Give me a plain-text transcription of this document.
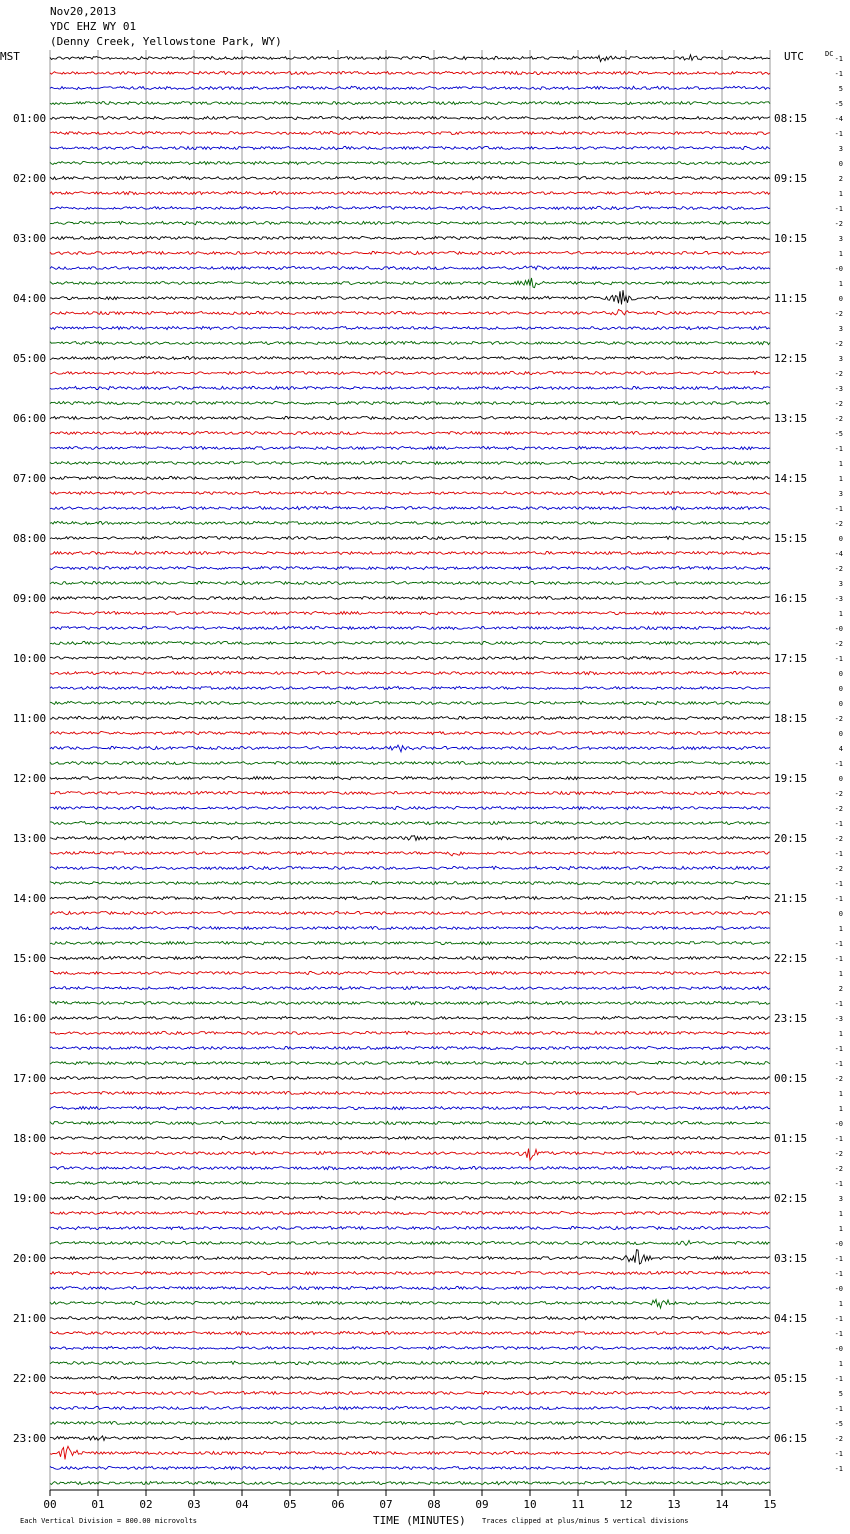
Nov20,2013
YDC EHZ WY 01
(Denny Creek, Yellowstone Park, WY)
-1
-1
5
-5
-4
-1
3
0
2
1
-1
-2
3
1
-0
1
0
-2
3
-2
3
-2
-3
-2
-2
-5
-1
1
1
3
-1
-2
0
-4
-2
3
-3
1
-0
-2
-1
0
0
0
-2
0
4
-1
0
-2
-2
-1
-2
-1
-2
-1
-1
0
1
-1
-1
1
2
-1
-3
1
-1
-1
-2
1
1
-0
-1
-2
-2
-1
3
1
1
-0
-1
-1
-0
1
-1
-1
-0
1
-1
5
-1
-5
-2
-1
-1
MST	UTC	DC
01:00	08:15
02:00	09:15
03:00	10:15
04:00	11:15
05:00	12:15
06:00	13:15
07:00	14:15
08:00	15:15
09:00	16:15
10:00	17:15
11:00	18:15
12:00	19:15
13:00	20:15
14:00	21:15
15:00	22:15
16:00	23:15
17:00	00:15
18:00	01:15
19:00	02:15
20:00	03:15
21:00	04:15
22:00	05:15
23:00	06:15
00	01	02	03	04	05	06	07	08	09	10	11	12	13	14	15
Each Vertical Division = 800.00 microvolts	TIME (MINUTES) Traces clipped at plus/minus 5 vertical divisions
